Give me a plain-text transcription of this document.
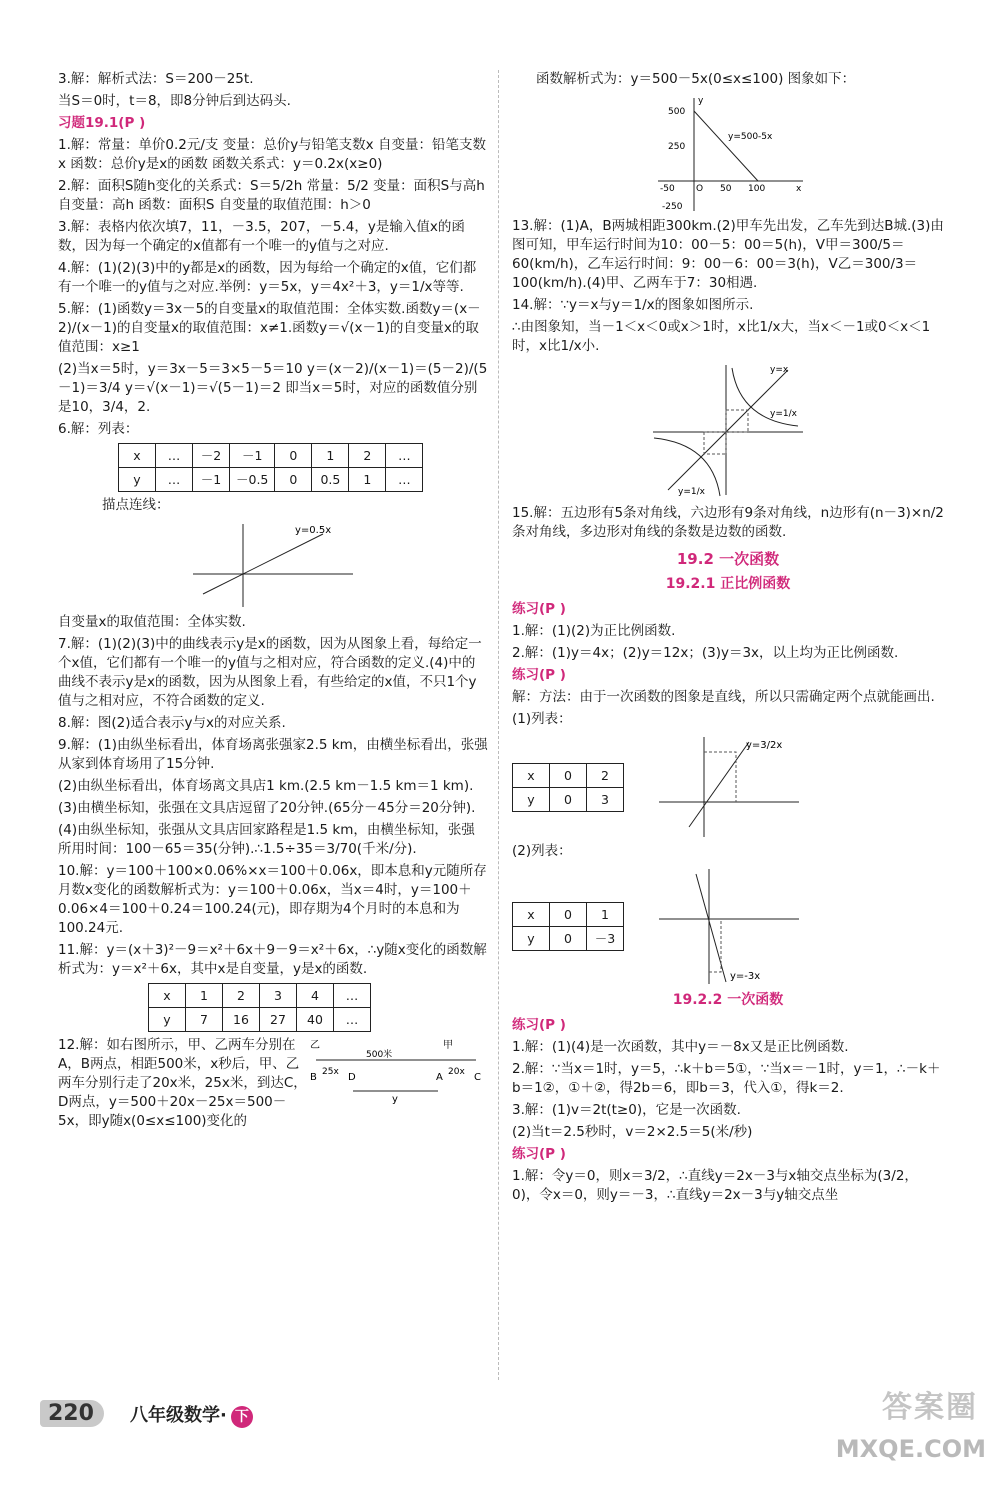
3.解：解析式法：S＝200－25t.

当S＝0时，t＝8，即8分钟后到达码头.

习题19.1(P )

1.解：常量：单价0.2元/支 变量：总价y与铅笔支数x 自变量：铅笔支数x 函数：总价y是x的函数 函数关系式：y＝0.2x(x≥0)

2.解：面积S随h变化的关系式：S＝5/2h 常量：5/2 变量：面积S与高h 自变量：高h 函数：面积S 自变量的取值范围：h＞0

3.解：表格内依次填7，11，－3.5，207，－5.4，y是输入值x的函数，因为每一个确定的x值都有一个唯一的y值与之对应.

4.解：(1)(2)(3)中的y都是x的函数，因为每给一个确定的x值，它们都有一个唯一的y值与之对应.举例：y＝5x，y＝4x²＋3，y＝1/x等等.

5.解：(1)函数y＝3x－5的自变量x的取值范围：全体实数.函数y＝(x－2)/(x－1)的自变量x的取值范围：x≠1.函数y＝√(x－1)的自变量x的取值范围：x≥1

(2)当x＝5时，y＝3x－5＝3×5－5＝10 y＝(x－2)/(x－1)＝(5－2)/(5－1)＝3/4 y＝√(x－1)＝√(5－1)＝2 即当x＝5时，对应的函数值分别是10，3/4，2.

6.解：列表：

x	…	－2	－1	0	1	2	…
y	…	－1	－0.5	0	0.5	1	…

描点连线：

y=0.5x

自变量x的取值范围：全体实数.

7.解：(1)(2)(3)中的曲线表示y是x的函数，因为从图象上看，每给定一个x值，它们都有一个唯一的y值与之相对应，符合函数的定义.(4)中的曲线不表示y是x的函数，因为从图象上看，有些给定的x值，不只1个y值与之相对应，不符合函数的定义.

8.解：图(2)适合表示y与x的对应关系.

9.解：(1)由纵坐标看出，体育场离张强家2.5 km，由横坐标看出，张强从家到体育场用了15分钟.

(2)由纵坐标看出，体育场离文具店1 km.(2.5 km－1.5 km＝1 km).

(3)由横坐标知，张强在文具店逗留了20分钟.(65分－45分＝20分钟).

(4)由纵坐标知，张强从文具店回家路程是1.5 km，由横坐标知，张强所用时间：100－65＝35(分钟).∴1.5÷35＝3/70(千米/分).

10.解：y＝100＋100×0.06%×x＝100＋0.06x，即本息和y元随所存月数x变化的函数解析式为：y＝100＋0.06x，当x＝4时，y＝100＋0.06×4＝100＋0.24＝100.24(元)，即存期为4个月时的本息和为100.24元.

11.解：y＝(x＋3)²－9＝x²＋6x＋9－9＝x²＋6x，∴y随x变化的函数解析式为：y＝x²＋6x，其中x是自变量，y是x的函数.

x	1	2	3	4	…
y	7	16	27	40	…

12.解：如右图所示，甲、乙两车分别在A，B两点，相距500米，x秒后，甲、乙两车分别行走了20x米，25x米，到达C，D两点，y＝500＋20x－25x＝500－5x，即y随x(0≤x≤100)变化的

乙	甲
500米
B	D	A	C
25x	20x
y

函数解析式为：y＝500－5x(0≤x≤100) 图象如下：

y
x
O
500
250
-250
-50	50 100
y=500-5x

13.解：(1)A，B两城相距300km.(2)甲车先出发，乙车先到达B城.(3)由图可知，甲车运行时间为10：00－5：00＝5(h)，V甲＝300/5＝60(km/h)，乙车运行时间：9：00－6：00＝3(h)，V乙＝300/3＝100(km/h).(4)甲、乙两车于7：30相遇.

14.解：∵y＝x与y＝1/x的图象如图所示.

∴由图象知，当－1＜x＜0或x＞1时，x比1/x大，当x＜－1或0＜x＜1时，x比1/x小.

y=x
y=1/x
y=1/x

15.解：五边形有5条对角线，六边形有9条对角线，n边形有(n－3)×n/2条对角线，多边形对角线的条数是边数的函数.

19.2 一次函数
19.2.1 正比例函数

练习(P )

1.解：(1)(2)为正比例函数.

2.解：(1)y＝4x；(2)y＝12x；(3)y＝3x，以上均为正比例函数.

练习(P )

解：方法：由于一次函数的图象是直线，所以只需确定两个点就能画出.

(1)列表：

x	0	2
y	0	3
y=3/2x

(2)列表：

x	0	1
y	0	－3
y=-3x
19.2.2 一次函数

练习(P )

1.解：(1)(4)是一次函数，其中y＝－8x又是正比例函数.

2.解：∵当x＝1时，y＝5，∴k＋b＝5①，∵当x＝－1时，y＝1，∴－k＋b＝1②，①＋②，得2b＝6，即b＝3，代入①，得k＝2.

3.解：(1)v＝2t(t≥0)，它是一次函数.

(2)当t＝2.5秒时，v＝2×2.5＝5(米/秒)

练习(P )

1.解：令y＝0，则x＝3/2，∴直线y＝2x－3与x轴交点坐标为(3/2，0)，令x＝0，则y＝－3，∴直线y＝2x－3与y轴交点坐

220	八年级数学· 下	答案圈
MXQE.COM
